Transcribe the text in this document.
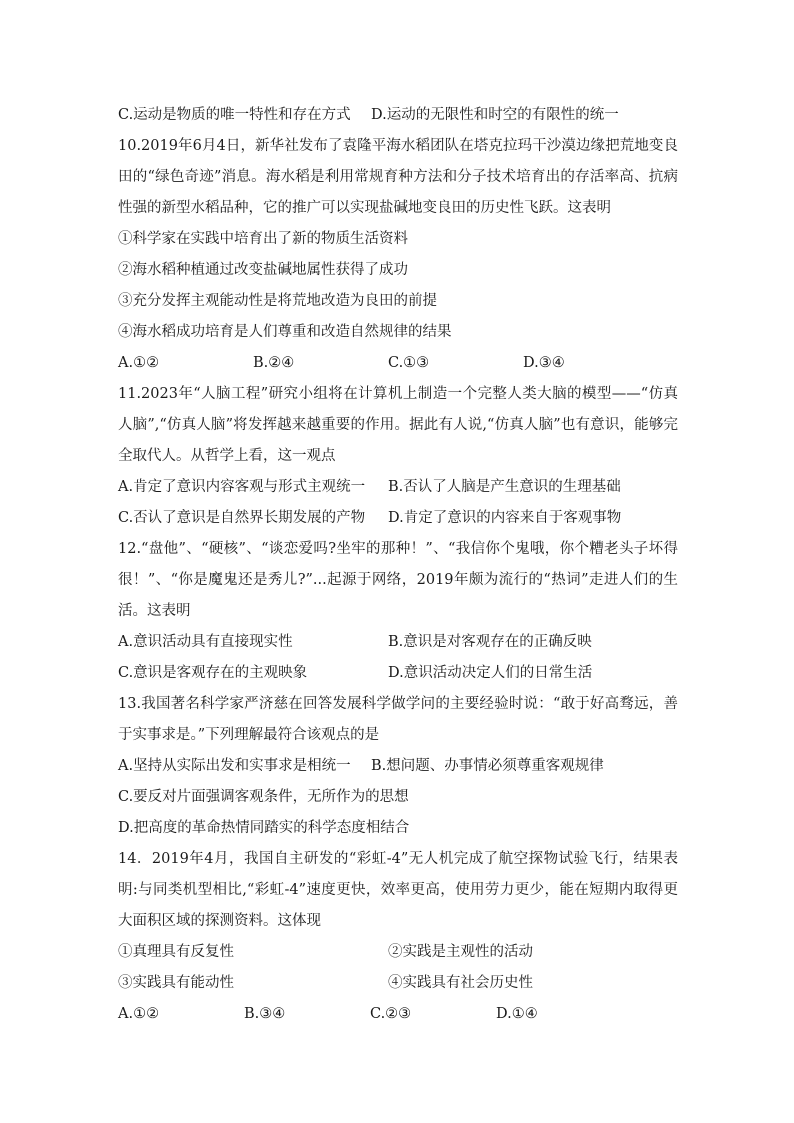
C.运动是物质的唯一特性和存在方式	D.运动的无限性和时空的有限性的统一
10.2019年6月4日，新华社发布了袁隆平海水稻团队在塔克拉玛干沙漠边缘把荒地变良田的“绿色奇迹”消息。海水稻是利用常规育种方法和分子技术培育出的存活率高、抗病性强的新型水稻品种，它的推广可以实现盐碱地变良田的历史性飞跃。这表明
①科学家在实践中培育出了新的物质生活资料
②海水稻种植通过改变盐碱地属性获得了成功
③充分发挥主观能动性是将荒地改造为良田的前提
④海水稻成功培育是人们尊重和改造自然规律的结果
A.①②	B.②④	C.①③	D.③④
11.2023年“人脑工程”研究小组将在计算机上制造一个完整人类大脑的模型——“仿真人脑”,“仿真人脑”将发挥越来越重要的作用。据此有人说,“仿真人脑”也有意识，能够完全取代人。从哲学上看，这一观点
A.肯定了意识内容客观与形式主观统一	B.否认了人脑是产生意识的生理基础
C.否认了意识是自然界长期发展的产物	D.肯定了意识的内容来自于客观事物
12.“盘他”、“硬核”、“谈恋爱吗?坐牢的那种！”、“我信你个鬼哦，你个糟老头子坏得很！”、“你是魔鬼还是秀儿?”...起源于网络，2019年颇为流行的“热词”走进人们的生活。这表明
A.意识活动具有直接现实性	B.意识是对客观存在的正确反映
C.意识是客观存在的主观映象	D.意识活动决定人们的日常生活
13.我国著名科学家严济慈在回答发展科学做学问的主要经验时说：“敢于好高骛远，善于实事求是。”下列理解最符合该观点的是
A.坚持从实际出发和实事求是相统一	B.想问题、办事情必须尊重客观规律
C.要反对片面强调客观条件，无所作为的思想
D.把高度的革命热情同踏实的科学态度相结合
14．2019年4月，我国自主研发的“彩虹-4”无人机完成了航空探物试验飞行，结果表明:与同类机型相比,“彩虹-4”速度更快，效率更高，使用劳力更少，能在短期内取得更大面积区域的探测资料。这体现
①真理具有反复性	②实践是主观性的活动
③实践具有能动性	④实践具有社会历史性
A.①②	B.③④	C.②③	D.①④
